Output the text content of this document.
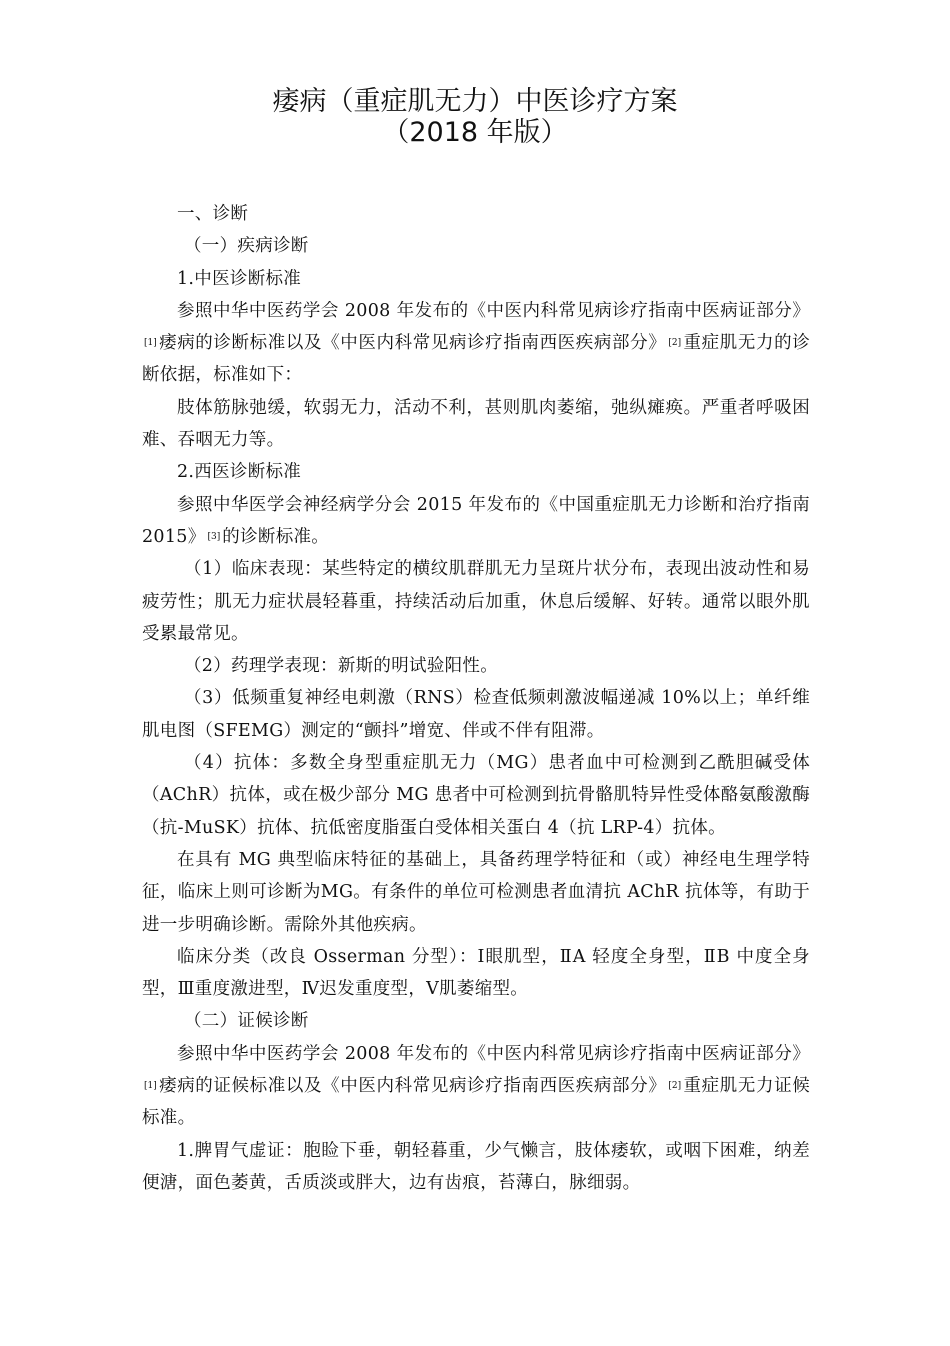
痿病（重症肌无力）中医诊疗方案
（2018 年版）

一、诊断

（一）疾病诊断

1.中医诊断标准

参照中华中医药学会 2008 年发布的《中医内科常见病诊疗指南中医病证部分》[1] 痿病的诊断标准以及《中医内科常见病诊疗指南西医疾病部分》 [2] 重症肌无力的诊断依据，标准如下：

肢体筋脉弛缓，软弱无力，活动不利，甚则肌肉萎缩，弛纵瘫痪。严重者呼吸困难、吞咽无力等。

2.西医诊断标准

参照中华医学会神经病学分会 2015 年发布的《中国重症肌无力诊断和治疗指南 2015》 [3] 的诊断标准。

（1）临床表现：某些特定的横纹肌群肌无力呈斑片状分布，表现出波动性和易疲劳性；肌无力症状晨轻暮重，持续活动后加重，休息后缓解、好转。通常以眼外肌受累最常见。

（2）药理学表现：新斯的明试验阳性。

（3）低频重复神经电刺激（RNS）检查低频刺激波幅递减 10%以上；单纤维肌电图（SFEMG）测定的“颤抖”增宽、伴或不伴有阻滞。

（4）抗体：多数全身型重症肌无力（MG）患者血中可检测到乙酰胆碱受体（AChR）抗体，或在极少部分 MG 患者中可检测到抗骨骼肌特异性受体酪氨酸激酶（抗-MuSK）抗体、抗低密度脂蛋白受体相关蛋白 4（抗 LRP-4）抗体。

在具有 MG 典型临床特征的基础上，具备药理学特征和（或）神经电生理学特征，临床上则可诊断为MG。有条件的单位可检测患者血清抗 AChR 抗体等，有助于进一步明确诊断。需除外其他疾病。

临床分类（改良 Osserman 分型）：Ⅰ眼肌型，ⅡA 轻度全身型，ⅡB 中度全身型，Ⅲ重度激进型，Ⅳ迟发重度型，Ⅴ肌萎缩型。

（二）证候诊断

参照中华中医药学会 2008 年发布的《中医内科常见病诊疗指南中医病证部分》[1] 痿病的证候标准以及《中医内科常见病诊疗指南西医疾病部分》 [2] 重症肌无力证候标准。

1.脾胃气虚证：胞睑下垂，朝轻暮重，少气懒言，肢体痿软，或咽下困难，纳差便溏，面色萎黄，舌质淡或胖大，边有齿痕，苔薄白，脉细弱。
